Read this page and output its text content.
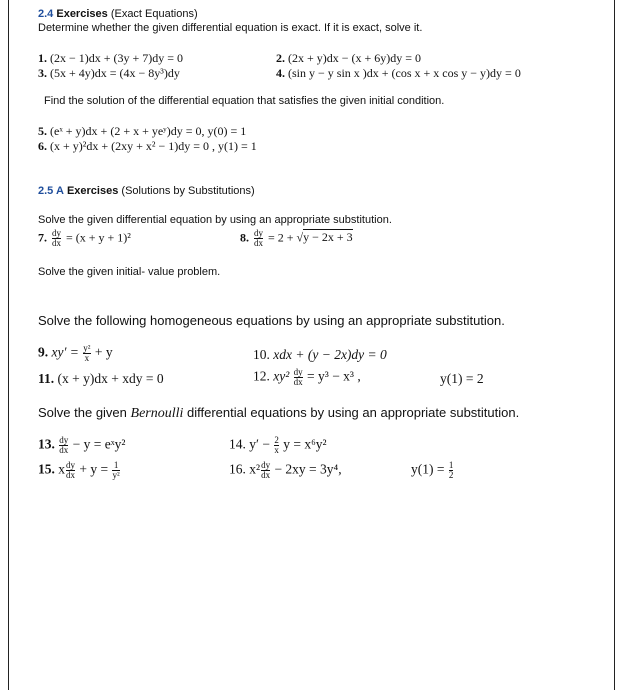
2.4 Exercises (Exact Equations)
Determine whether the given differential equation is exact. If it is exact, solve it.
1. (2x − 1)dx + (3y + 7)dy = 0	2. (2x + y)dx − (x + 6y)dy = 0
3. (5x + 4y)dx = (4x − 8y³)dy	4. (sin y − y sin x )dx + (cos x + x cos y − y)dy = 0
Find the solution of the differential equation that satisfies the given initial condition.
5. (eˣ + y)dx + (2 + x + yeʸ)dy = 0, y(0) = 1
6. (x + y)²dx + (2xy + x² − 1)dy = 0 , y(1) = 1
2.5 A Exercises (Solutions by Substitutions)
Solve the given differential equation by using an appropriate substitution.
7. $\frac{dy}{dx} = (x + y + 1)^2$	8. $\frac{dy}{dx} = 2 + √y - 2x + 3$
Solve the given initial- value problem.
Solve the following homogeneous equations by using an appropriate substitution.
9. $xy' = \frac{\text{y²}}{x} + y$	10. xdx + (y − 2x)dy = 0
11. (x + y)dx + xdy = 0	12. $xy^2 \frac{dy}{dx} = y^3 - x^3$ ,	y(1) = 2
Solve the given Bernoulli differential equations by using an appropriate substitution.
13. $\frac{dy}{dx} - y$ = eˣy²	14. $y' - \frac{2}{x}$ y = x⁶y²
15. x $\frac{dy}{dx} + y = \frac{1}{\text{y²}}$	16. $x^2 \frac{dy}{dx} - 2xy = 3y^4$,	$y(1) = \frac{1}{2}$
